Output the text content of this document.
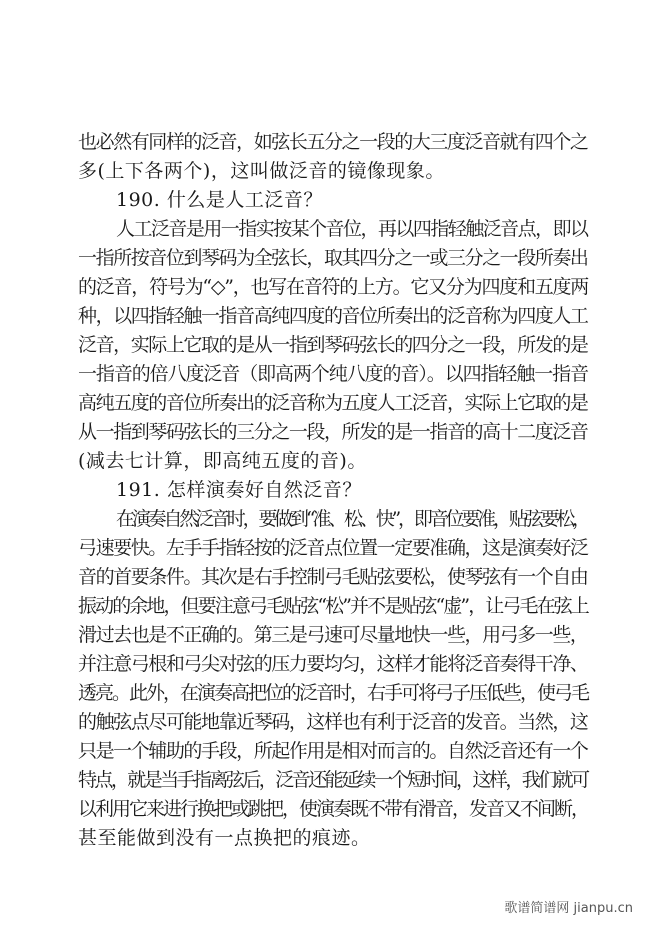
也必然有同样的泛音，如弦长五分之一段的大三度泛音就有四个之
多(上下各两个)，这叫做泛音的镜像现象。
190. 什么是人工泛音？
人工泛音是用一指实按某个音位，再以四指轻触泛音点，即以
一指所按音位到琴码为全弦长，取其四分之一或三分之一段所奏出
的泛音，符号为“◇”，也写在音符的上方。它又分为四度和五度两
种，以四指轻触一指音高纯四度的音位所奏出的泛音称为四度人工
泛音，实际上它取的是从一指到琴码弦长的四分之一段，所发的是
一指音的倍八度泛音（即高两个纯八度的音）。以四指轻触一指音
高纯五度的音位所奏出的泛音称为五度人工泛音，实际上它取的是
从一指到琴码弦长的三分之一段，所发的是一指音的高十二度泛音
(减去七计算，即高纯五度的音)。
191. 怎样演奏好自然泛音？
在演奏自然泛音时，要做到“准、松、快”，即音位要准，贴弦要松，
弓速要快。左手手指轻按的泛音点位置一定要准确，这是演奏好泛
音的首要条件。其次是右手控制弓毛贴弦要松，使琴弦有一个自由
振动的余地，但要注意弓毛贴弦“松”并不是贴弦“虚”，让弓毛在弦上
滑过去也是不正确的。第三是弓速可尽量地快一些，用弓多一些，
并注意弓根和弓尖对弦的压力要均匀，这样才能将泛音奏得干净、
透亮。此外，在演奏高把位的泛音时，右手可将弓子压低些，使弓毛
的触弦点尽可能地靠近琴码，这样也有利于泛音的发音。当然，这
只是一个辅助的手段，所起作用是相对而言的。自然泛音还有一个
特点，就是当手指离弦后，泛音还能延续一个短时间，这样，我们就可
以利用它来进行换把或跳把，使演奏既不带有滑音，发音又不间断，
甚至能做到没有一点换把的痕迹。
歌谱简谱网 jianpu.cn
